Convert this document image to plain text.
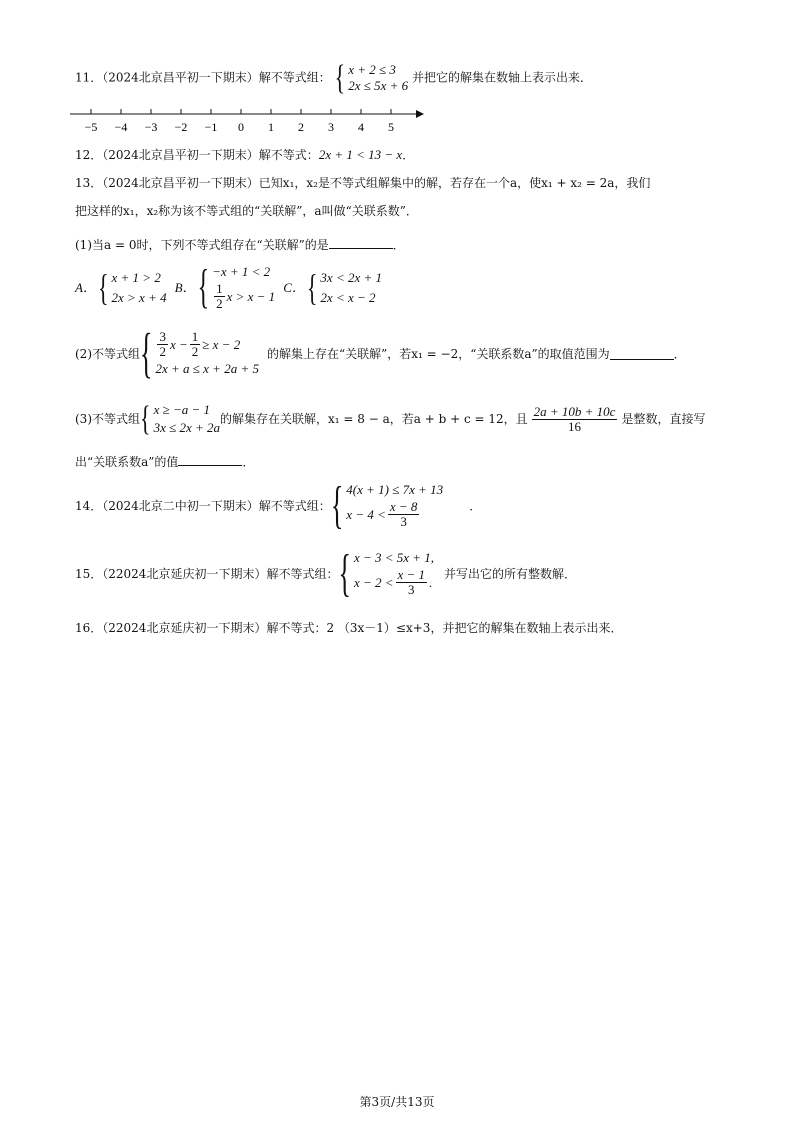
11．（2024北京昌平初一下期末）解不等式组： { x + 2 ≤ 3
2x ≤ 5x + 6
并把它的解集在数轴上表示出来．
−5 −4 −3 −2 −1 0 1 2 3 4 5
12．（2024北京昌平初一下期末）解不等式：2x + 1 < 13 − x．
13．（2024北京昌平初一下期末）已知x₁，x₂是不等式组解集中的解，若存在一个a，使x₁ + x₂ = 2a，我们
把这样的x₁，x₂称为该不等式组的“关联解”，a叫做“关联系数”．
(1)当a = 0时，下列不等式组存在“关联解”的是	．
A． { x + 1 > 2
2x > x + 4
B． { −x + 1 < 2
$\frac{1}{2}$ x > x − 1
C． { 3x < 2x + 1
2x < x − 2
(2)不等式组 { $\frac{3}{2}$ $x - \frac{1}{2} \ge x - 2$
2x + a ≤ x + 2a + 5
的解集上存在“关联解”，若x₁ = −2，“关联系数a”的取值范围为	．
(3)不等式组 { x ≥ −a − 1
3x ≤ 2x + 2a
的解集存在关联解，x₁ = 8 − a，若a + b + c = 12，且 $\frac{2a + 10b + 10c}{16}$ 是整数，直接写
出“关联系数a”的值	．
14．（2024北京二中初一下期末）解不等式组： { 4(x + 1) ≤ 7x + 13
$x - 4 < \frac{x - 8}{3}$	．
15．（22024北京延庆初一下期末）解不等式组： { x − 3 < 5x + 1,
$x - 2 < \frac{x - 1}{3}$ .
并写出它的所有整数解．
16．（22024北京延庆初一下期末）解不等式：2 （3x－1）≤x+3，并把它的解集在数轴上表示出来．
第3页/共13页
